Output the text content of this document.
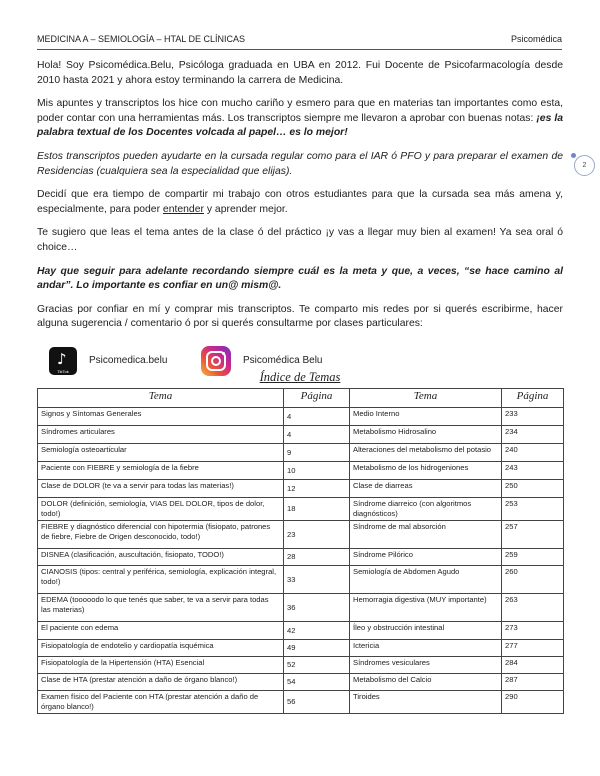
MEDICINA A – SEMIOLOGÍA – HTAL DE CLÍNICAS	Psicomédica
2

Hola! Soy Psicomédica.Belu, Psicóloga graduada en UBA en 2012. Fui Docente de Psicofarmacología desde 2010 hasta 2021 y ahora estoy terminando la carrera de Medicina.

Mis apuntes y transcriptos los hice con mucho cariño y esmero para que en materias tan importantes como esta, poder contar con una herramientas más. Los transcriptos siempre me llevaron a aprobar con buenas notas: ¡es la palabra textual de los Docentes volcada al papel… es lo mejor!

Estos transcriptos pueden ayudarte en la cursada regular como para el IAR ó PFO y para preparar el examen de Residencias (cualquiera sea la especialidad que elijas).

Decidí que era tiempo de compartir mi trabajo con otros estudiantes para que la cursada sea más amena y, especialmente, para poder entender y aprender mejor.

Te sugiero que leas el tema antes de la clase ó del práctico ¡y vas a llegar muy bien al examen! Ya sea oral ó choice…

Hay que seguir para adelante recordando siempre cuál es la meta y que, a veces, “se hace camino al andar”. Lo importante es confiar en un@ mism@.

Gracias por confiar en mí y comprar mis transcriptos. Te comparto mis redes por si querés escribirme, hacer alguna sugerencia / comentario ó por si querés consultarme por clases particulares:

♪
TikTok
Psicomedica.belu	Psicomédica Belu
Índice de Temas
Tema	Página	Tema	Página
Signos y Síntomas Generales	4	Medio Interno	233
Síndromes articulares	4	Metabolismo Hidrosalino	234
Semiología osteoarticular	9	Alteraciones del metabolismo del potasio	240
Paciente con FIEBRE y semiología de la fiebre	10	Metabolismo de los hidrogeniones	243
Clase de DOLOR (te va a servir para todas las materias!)	12	Clase de diarreas	250
DOLOR (definición, semiología, VIAS DEL DOLOR, tipos de dolor, todo!)	18	Síndrome diarreico (con algoritmos diagnósticos)	253
FIEBRE y diagnóstico diferencial con hipotermia (fisiopato, patrones de fiebre, Fiebre de Origen desconocido, todo!)	23	Síndrome de mal absorción	257
DISNEA (clasificación, auscultación, fisiopato, TODO!)	28	Síndrome Pilórico	259
CIANOSIS (tipos: central y periférica, semiología, explicación integral, todo!)	33	Semiología de Abdomen Agudo	260
EDEMA (tooooodo lo que tenés que saber, te va a servir para todas las materias)	36	Hemorragia digestiva (MUY importante)	263
El paciente con edema	42	Íleo y obstrucción intestinal	273
Fisiopatología de endotelio y cardiopatía isquémica	49	Ictericia	277
Fisiopatología de la Hipertensión (HTA) Esencial	52	Síndromes vesiculares	284
Clase de HTA (prestar atención a daño de órgano blanco!)	54	Metabolismo del Calcio	287
Examen físico del Paciente con HTA (prestar atención a daño de órgano blanco!)	56	Tiroides	290
